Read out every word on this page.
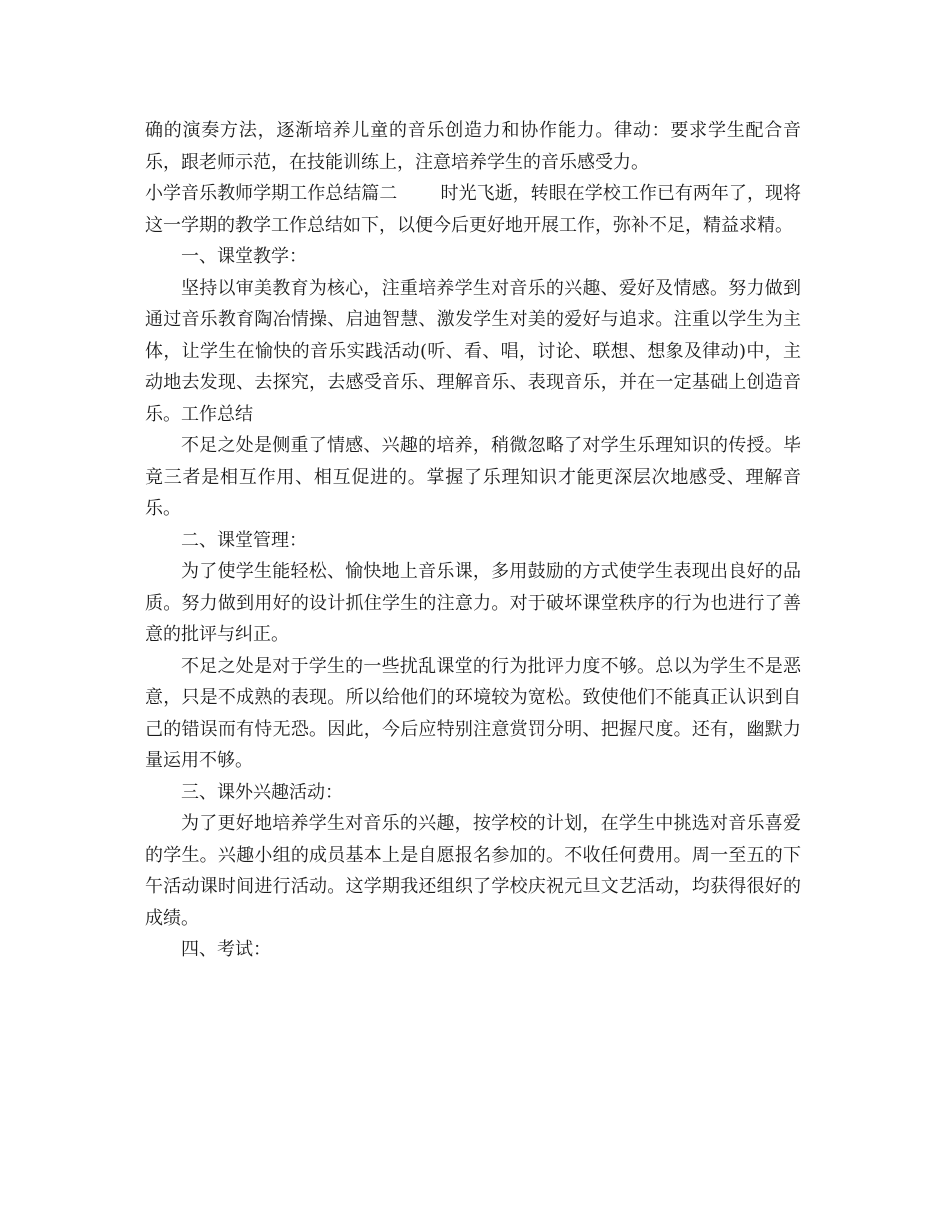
确的演奏方法，逐渐培养儿童的音乐创造力和协作能力。律动：要求学生配合音乐，跟老师示范，在技能训练上，注意培养学生的音乐感受力。

小学音乐教师学期工作总结篇二 时光飞逝，转眼在学校工作已有两年了，现将这一学期的教学工作总结如下，以便今后更好地开展工作，弥补不足，精益求精。

一、课堂教学：

坚持以审美教育为核心，注重培养学生对音乐的兴趣、爱好及情感。努力做到通过音乐教育陶冶情操、启迪智慧、激发学生对美的爱好与追求。注重以学生为主体，让学生在愉快的音乐实践活动(听、看、唱，讨论、联想、想象及律动)中，主动地去发现、去探究，去感受音乐、理解音乐、表现音乐，并在一定基础上创造音乐。工作总结

不足之处是侧重了情感、兴趣的培养，稍微忽略了对学生乐理知识的传授。毕竟三者是相互作用、相互促进的。掌握了乐理知识才能更深层次地感受、理解音乐。

二、课堂管理：

为了使学生能轻松、愉快地上音乐课，多用鼓励的方式使学生表现出良好的品质。努力做到用好的设计抓住学生的注意力。对于破坏课堂秩序的行为也进行了善意的批评与纠正。

不足之处是对于学生的一些扰乱课堂的行为批评力度不够。总以为学生不是恶意，只是不成熟的表现。所以给他们的环境较为宽松。致使他们不能真正认识到自己的错误而有恃无恐。因此，今后应特别注意赏罚分明、把握尺度。还有，幽默力量运用不够。

三、课外兴趣活动：

为了更好地培养学生对音乐的兴趣，按学校的计划，在学生中挑选对音乐喜爱的学生。兴趣小组的成员基本上是自愿报名参加的。不收任何费用。周一至五的下午活动课时间进行活动。这学期我还组织了学校庆祝元旦文艺活动，均获得很好的成绩。

四、考试：
